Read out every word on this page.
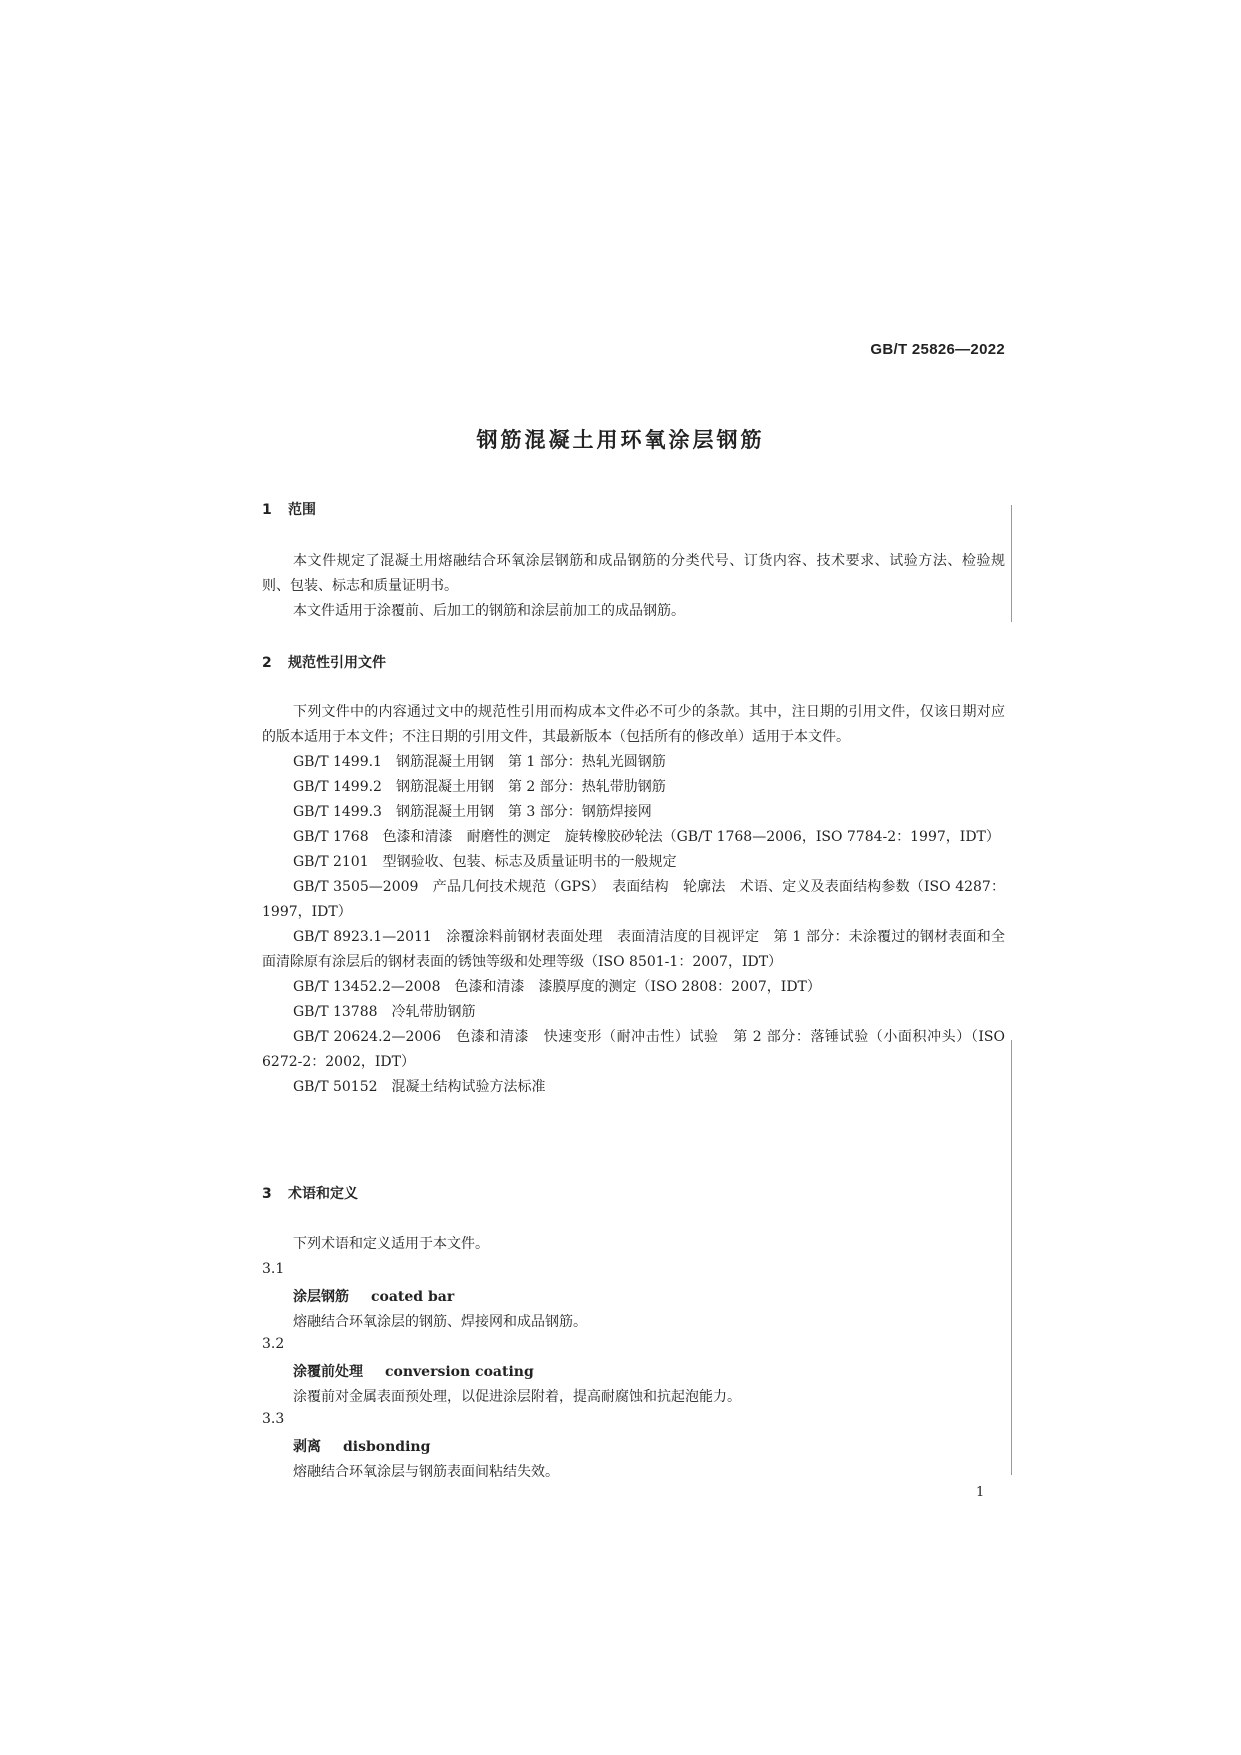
GB/T 25826—2022
钢筋混凝土用环氧涂层钢筋
1 范围

本文件规定了混凝土用熔融结合环氧涂层钢筋和成品钢筋的分类代号、订货内容、技术要求、试验方法、检验规则、包装、标志和质量证明书。

本文件适用于涂覆前、后加工的钢筋和涂层前加工的成品钢筋。

2 规范性引用文件

下列文件中的内容通过文中的规范性引用而构成本文件必不可少的条款。其中，注日期的引用文件，仅该日期对应的版本适用于本文件；不注日期的引用文件，其最新版本（包括所有的修改单）适用于本文件。

GB/T 1499.1　钢筋混凝土用钢　第 1 部分：热轧光圆钢筋

GB/T 1499.2　钢筋混凝土用钢　第 2 部分：热轧带肋钢筋

GB/T 1499.3　钢筋混凝土用钢　第 3 部分：钢筋焊接网

GB/T 1768　色漆和清漆　耐磨性的测定　旋转橡胶砂轮法（GB/T 1768—2006，ISO 7784-2：1997，IDT）

GB/T 2101　型钢验收、包装、标志及质量证明书的一般规定

GB/T 3505—2009　产品几何技术规范（GPS）　表面结构　轮廓法　术语、定义及表面结构参数（ISO 4287：1997，IDT）

GB/T 8923.1—2011　涂覆涂料前钢材表面处理　表面清洁度的目视评定　第 1 部分：未涂覆过的钢材表面和全面清除原有涂层后的钢材表面的锈蚀等级和处理等级（ISO 8501-1：2007，IDT）

GB/T 13452.2—2008　色漆和清漆　漆膜厚度的测定（ISO 2808：2007，IDT）

GB/T 13788　冷轧带肋钢筋

GB/T 20624.2—2006　色漆和清漆　快速变形（耐冲击性）试验　第 2 部分：落锤试验（小面积冲头）（ISO 6272-2：2002，IDT）

GB/T 50152　混凝土结构试验方法标准

3 术语和定义

下列术语和定义适用于本文件。

3.1
涂层钢筋 coated bar
熔融结合环氧涂层的钢筋、焊接网和成品钢筋。
3.2
涂覆前处理 conversion coating
涂覆前对金属表面预处理，以促进涂层附着，提高耐腐蚀和抗起泡能力。
3.3
剥离 disbonding
熔融结合环氧涂层与钢筋表面间粘结失效。
1
